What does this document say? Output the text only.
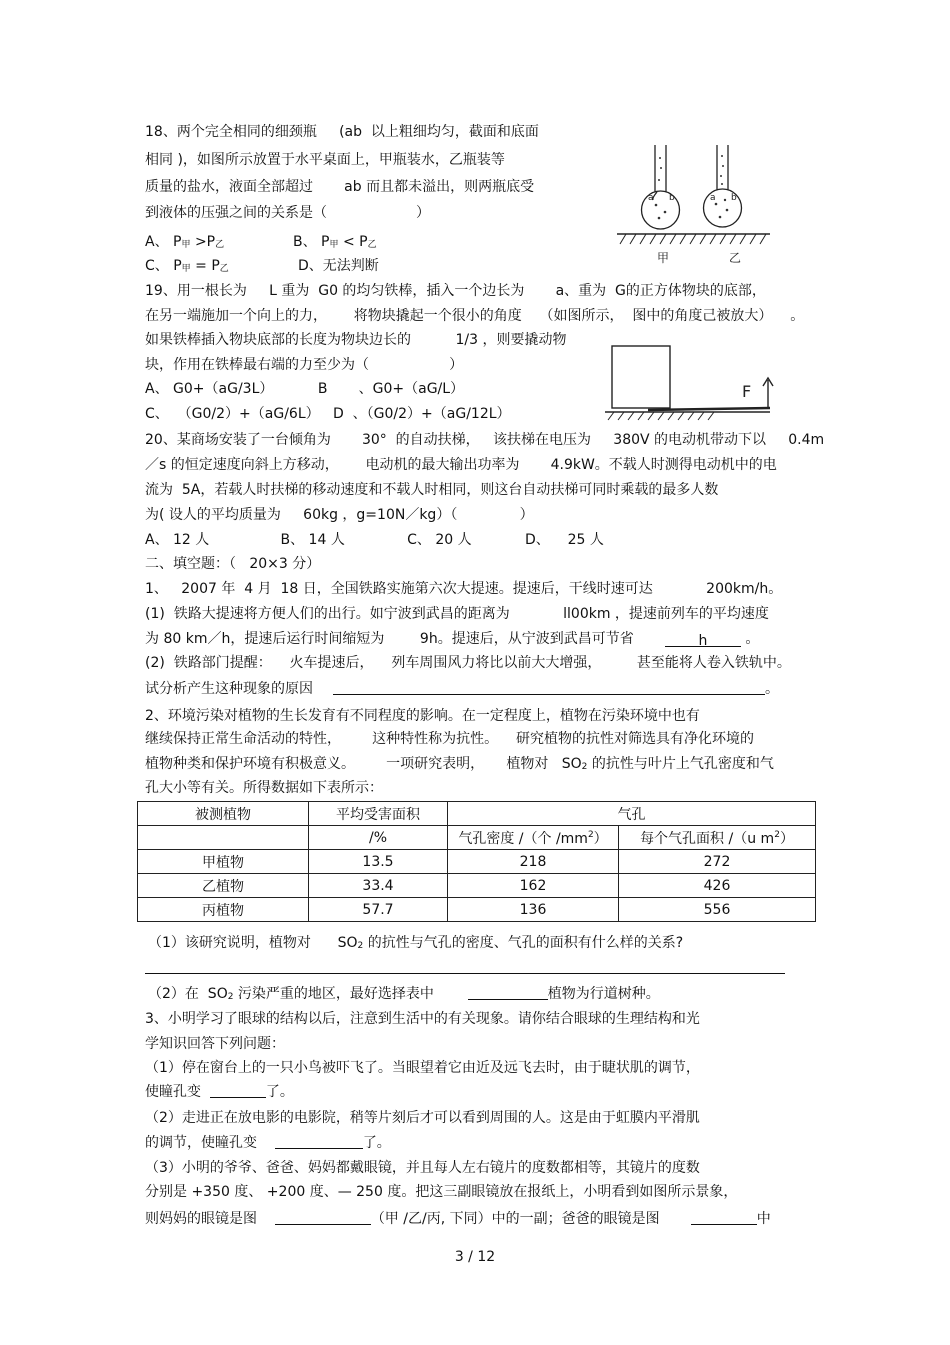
18、两个完全相同的细颈瓶     (ab  以上粗细均匀，截面和底面
相同 )，如图所示放置于水平桌面上，甲瓶装水，乙瓶装等
质量的盐水，液面全部超过       ab 而且都未溢出，则两瓶底受
到液体的压强之间的关系是（                    ）
A、 P甲 >P乙	B、 P甲 < P乙
C、 P甲 = P乙	D、无法判断
a b	a b
甲	乙
19、用一根长为     L 重为  G0 的均匀铁棒，插入一个边长为       a、重为  G的正方体物块的底部，
在另一端施加一个向上的力，      将物块撬起一个很小的角度    （如图所示，  图中的角度己被放大）    。
如果铁棒插入物块底部的长度为物块边长的          1/3 ，则要撬动物
块，作用在铁棒最右端的力至少为（                  ）
A、 G0+（aG/3L）          B       、G0+（aG/L）
C、  （G0/2）+（aG/6L）   D  、（G0/2）+（aG/12L）
F
20、某商场安装了一台倾角为       30°  的自动扶梯，   该扶梯在电压为     380V 的电动机带动下以     0.4m
／s 的恒定速度向斜上方移动，      电动机的最大输出功率为       4.9kW。不载人时测得电动机中的电
流为  5A，若载人时扶梯的移动速度和不载人时相同，则这台自动扶梯可同时乘载的最多人数
为( 设人的平均质量为     60kg ，g=10N／kg）（              ）
A、 12 人                B、 14 人              C、 20 人            D、    25 人
二、填空题：（   20×3 分）
1、   2007 年  4 月  18 日，全国铁路实施第六次大提速。提速后，干线时速可达            200km/h。
(1)  铁路大提速将方便人们的出行。如宁波到武昌的距离为            ll00km ，提速前列车的平均速度
为 80 km／h，提速后运行时间缩短为        9h。提速后，从宁波到武昌可节省       h 。
(2)  铁路部门提醒：    火车提速后，    列车周围风力将比以前大大增强，        甚至能将人卷入铁轨中。
试分析产生这种现象的原因	。
2、环境污染对植物的生长发育有不同程度的影响。在一定程度上，植物在污染环境中也有
继续保持正常生命活动的特性，       这种特性称为抗性。    研究植物的抗性对筛选具有净化环境的
植物种类和保护环境有积极意义。       一项研究表明，     植物对   SO2 的抗性与叶片上气孔密度和气
孔大小等有关。所得数据如下表所示：
被测植物	平均受害面积	气孔	
	/%	气孔密度 /（个 $/mm^2$）	每个气孔面积 /（u $m^2$）
甲植物	13.5	218	272
乙植物	33.4	162	426
丙植物	57.7	136	556
（1）该研究说明，植物对      SO2 的抗性与气孔的密度、气孔的面积有什么样的关系?
（2）在  SO2 污染严重的地区，最好选择表中	植物为行道树种。
3、小明学习了眼球的结构以后，注意到生活中的有关现象。请你结合眼球的生理结构和光
学知识回答下列问题：
（1）停在窗台上的一只小鸟被吓飞了。当眼望着它由近及远飞去时，由于睫状肌的调节，
使瞳孔变	了。
（2）走进正在放电影的电影院，稍等片刻后才可以看到周围的人。这是由于虹膜内平滑肌
的调节，使瞳孔变	了。
（3）小明的爷爷、爸爸、妈妈都戴眼镜，并且每人左右镜片的度数都相等，其镜片的度数
分别是 +350 度、 +200 度、— 250 度。把这三副眼镜放在报纸上，小明看到如图所示景象，
则妈妈的眼镜是图	（甲 /乙/丙, 下同）中的一副；爸爸的眼镜是图	中
3 / 12
